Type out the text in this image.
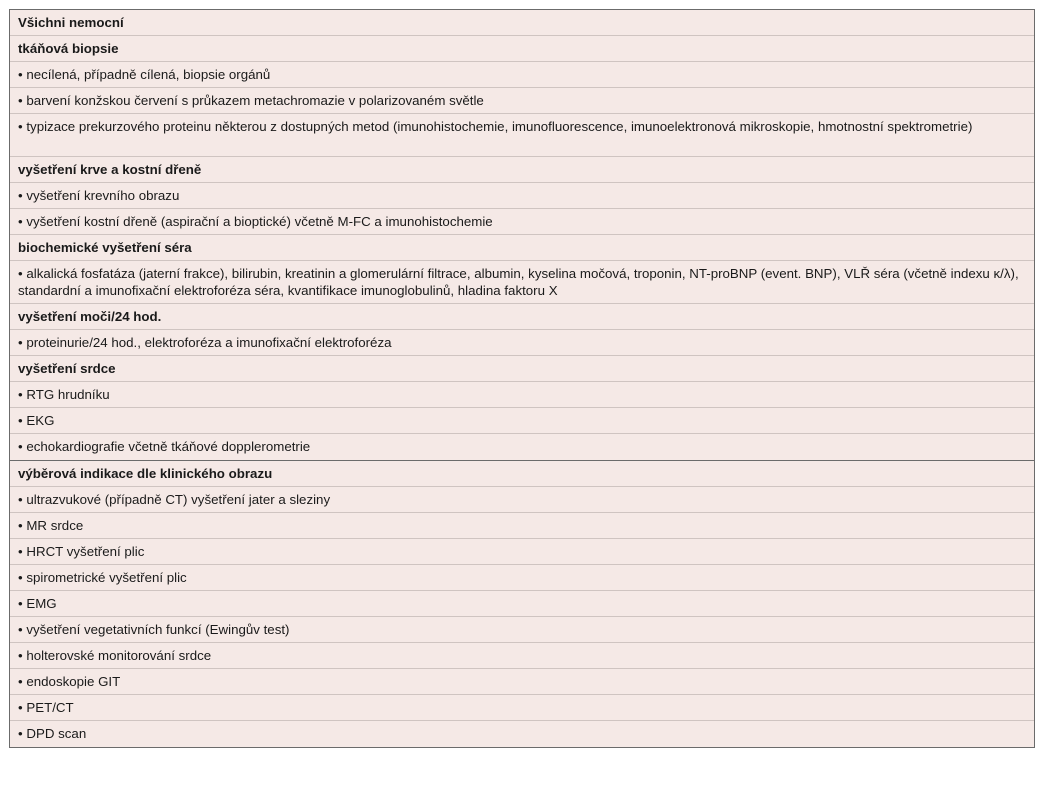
Všichni nemocní
tkáňová biopsie
• necílená, případně cílená, biopsie orgánů
• barvení konžskou červení s průkazem metachromazie v polarizovaném světle
• typizace prekurzového proteinu některou z dostupných metod (imunohistochemie, imunofluorescence, imunoelektronová mikroskopie, hmotnostní spektrometrie)
vyšetření krve a kostní dřeně
• vyšetření krevního obrazu
• vyšetření kostní dřeně (aspirační a bioptické) včetně M-FC a imunohistochemie
biochemické vyšetření séra
• alkalická fosfatáza (jaterní frakce), bilirubin, kreatinin a glomerulární filtrace, albumin, kyselina močová, troponin, NT-proBNP (event. BNP), VLŘ séra (včetně indexu κ/λ), standardní a imunofixační elektroforéza séra, kvantifikace imunoglobulinů, hladina faktoru X
vyšetření moči/24 hod.
• proteinurie/24 hod., elektroforéza a imunofixační elektroforéza
vyšetření srdce
• RTG hrudníku
• EKG
• echokardiografie včetně tkáňové dopplerometrie
výběrová indikace dle klinického obrazu
• ultrazvukové (případně CT) vyšetření jater a sleziny
• MR srdce
• HRCT vyšetření plic
• spirometrické vyšetření plic
• EMG
• vyšetření vegetativních funkcí (Ewingův test)
• holterovské monitorování srdce
• endoskopie GIT
• PET/CT
• DPD scan
